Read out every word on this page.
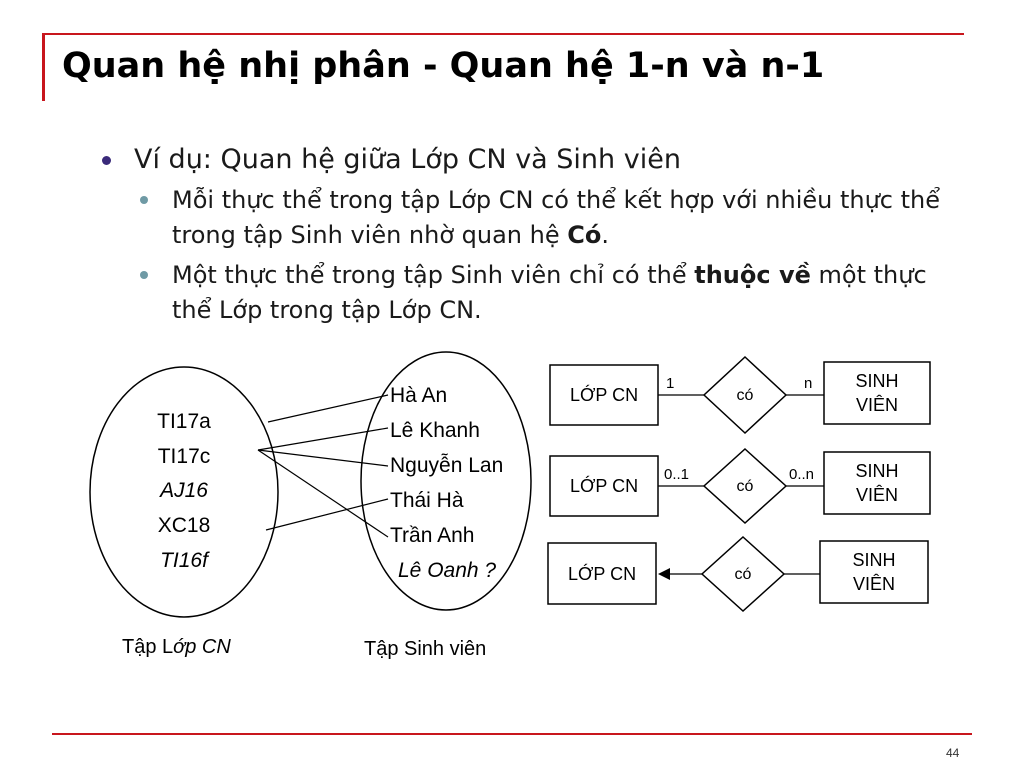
Quan hệ nhị phân - Quan hệ 1-n và n-1
Ví dụ: Quan hệ giữa Lớp CN và Sinh viên
Mỗi thực thể trong tập Lớp CN có thể kết hợp với nhiều thực thể trong tập Sinh viên nhờ quan hệ Có.
Một thực thể trong tập Sinh viên chỉ có thể thuộc về một thực thể Lớp trong tập Lớp CN.
TI17a
TI17c
AJ16
XC18
TI16f
Hà An
Lê Khanh
Nguyễn Lan
Thái Hà
Trần Anh
Lê Oanh ?
Tập Lớp CN	Tập Sinh viên
LỚP CN	có
SINH
VIÊN
1	n
LỚP CN	có
SINH
VIÊN
0..1	0..n
LỚP CN	có
SINH
VIÊN
44
